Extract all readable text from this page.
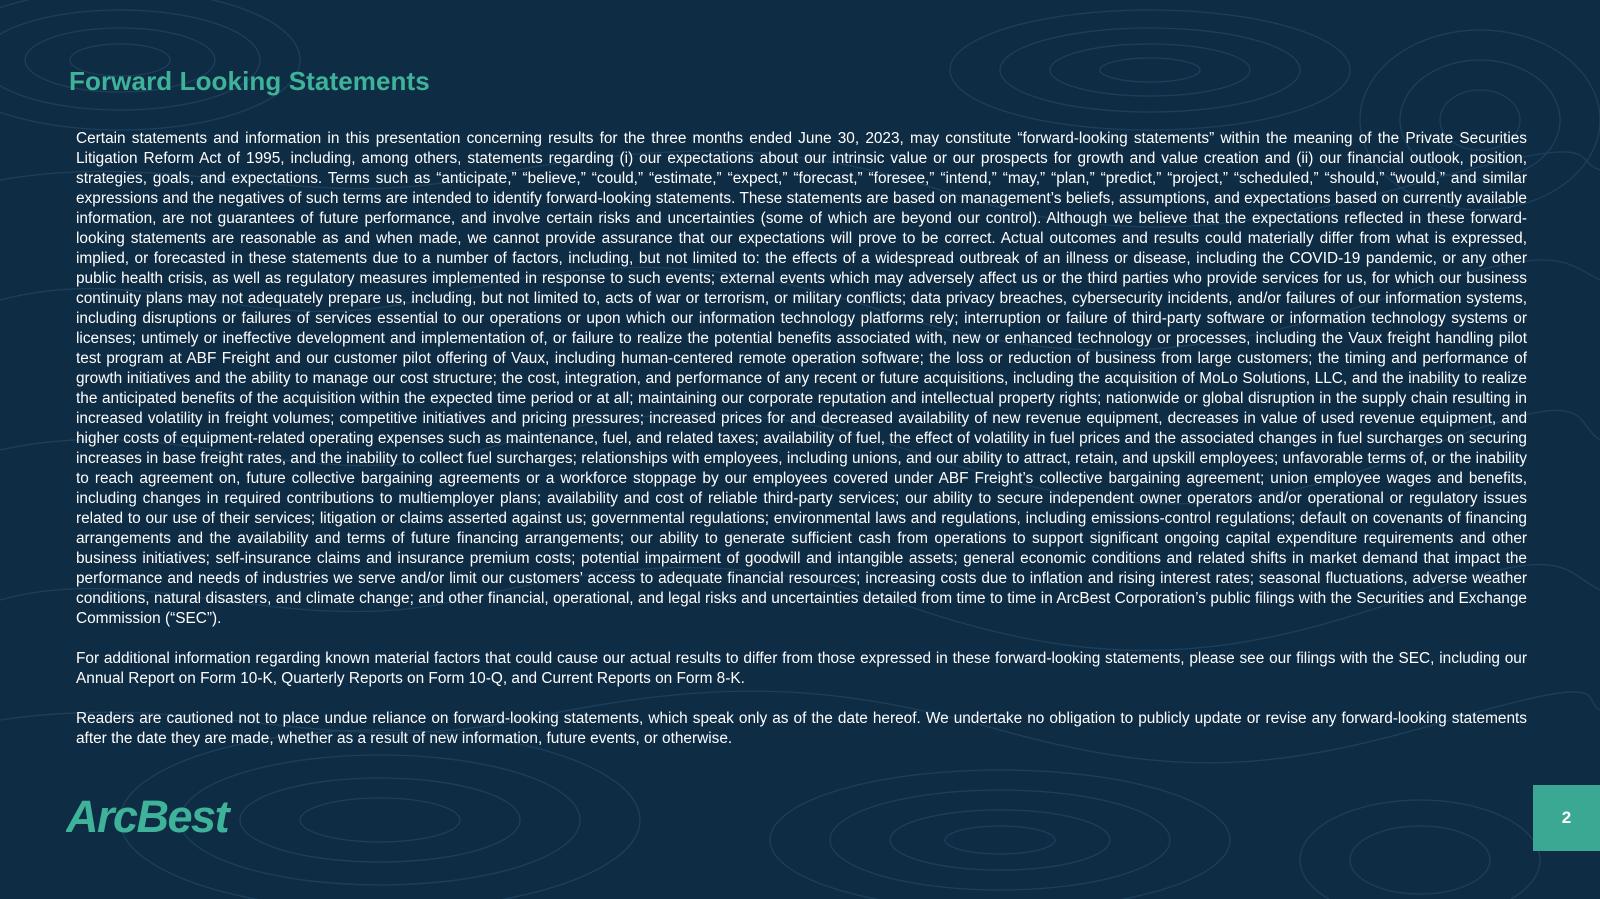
Forward Looking Statements

Certain statements and information in this presentation concerning results for the three months ended June 30, 2023, may constitute “forward-looking statements” within the meaning of the Private Securities Litigation Reform Act of 1995, including, among others, statements regarding (i) our expectations about our intrinsic value or our prospects for growth and value creation and (ii) our financial outlook, position, strategies, goals, and expectations. Terms such as “anticipate,” “believe,” “could,” “estimate,” “expect,” “forecast,” “foresee,” “intend,” “may,” “plan,” “predict,” “project,” “scheduled,” “should,” “would,” and similar expressions and the negatives of such terms are intended to identify forward-looking statements. These statements are based on management’s beliefs, assumptions, and expectations based on currently available information, are not guarantees of future performance, and involve certain risks and uncertainties (some of which are beyond our control). Although we believe that the expectations reflected in these forward-looking statements are reasonable as and when made, we cannot provide assurance that our expectations will prove to be correct. Actual outcomes and results could materially differ from what is expressed, implied, or forecasted in these statements due to a number of factors, including, but not limited to: the effects of a widespread outbreak of an illness or disease, including the COVID-19 pandemic, or any other public health crisis, as well as regulatory measures implemented in response to such events; external events which may adversely affect us or the third parties who provide services for us, for which our business continuity plans may not adequately prepare us, including, but not limited to, acts of war or terrorism, or military conflicts; data privacy breaches, cybersecurity incidents, and/or failures of our information systems, including disruptions or failures of services essential to our operations or upon which our information technology platforms rely; interruption or failure of third-party software or information technology systems or licenses; untimely or ineffective development and implementation of, or failure to realize the potential benefits associated with, new or enhanced technology or processes, including the Vaux freight handling pilot test program at ABF Freight and our customer pilot offering of Vaux, including human-centered remote operation software; the loss or reduction of business from large customers; the timing and performance of growth initiatives and the ability to manage our cost structure; the cost, integration, and performance of any recent or future acquisitions, including the acquisition of MoLo Solutions, LLC, and the inability to realize the anticipated benefits of the acquisition within the expected time period or at all; maintaining our corporate reputation and intellectual property rights; nationwide or global disruption in the supply chain resulting in increased volatility in freight volumes; competitive initiatives and pricing pressures; increased prices for and decreased availability of new revenue equipment, decreases in value of used revenue equipment, and higher costs of equipment-related operating expenses such as maintenance, fuel, and related taxes; availability of fuel, the effect of volatility in fuel prices and the associated changes in fuel surcharges on securing increases in base freight rates, and the inability to collect fuel surcharges; relationships with employees, including unions, and our ability to attract, retain, and upskill employees; unfavorable terms of, or the inability to reach agreement on, future collective bargaining agreements or a workforce stoppage by our employees covered under ABF Freight’s collective bargaining agreement; union employee wages and benefits, including changes in required contributions to multiemployer plans; availability and cost of reliable third-party services; our ability to secure independent owner operators and/or operational or regulatory issues related to our use of their services; litigation or claims asserted against us; governmental regulations; environmental laws and regulations, including emissions-control regulations; default on covenants of financing arrangements and the availability and terms of future financing arrangements; our ability to generate sufficient cash from operations to support significant ongoing capital expenditure requirements and other business initiatives; self-insurance claims and insurance premium costs; potential impairment of goodwill and intangible assets; general economic conditions and related shifts in market demand that impact the performance and needs of industries we serve and/or limit our customers’ access to adequate financial resources; increasing costs due to inflation and rising interest rates; seasonal fluctuations, adverse weather conditions, natural disasters, and climate change; and other financial, operational, and legal risks and uncertainties detailed from time to time in ArcBest Corporation’s public filings with the Securities and Exchange Commission (“SEC”).

For additional information regarding known material factors that could cause our actual results to differ from those expressed in these forward-looking statements, please see our filings with the SEC, including our Annual Report on Form 10-K, Quarterly Reports on Form 10-Q, and Current Reports on Form 8-K.

Readers are cautioned not to place undue reliance on forward-looking statements, which speak only as of the date hereof. We undertake no obligation to publicly update or revise any forward-looking statements after the date they are made, whether as a result of new information, future events, or otherwise.

ArcBest	2
